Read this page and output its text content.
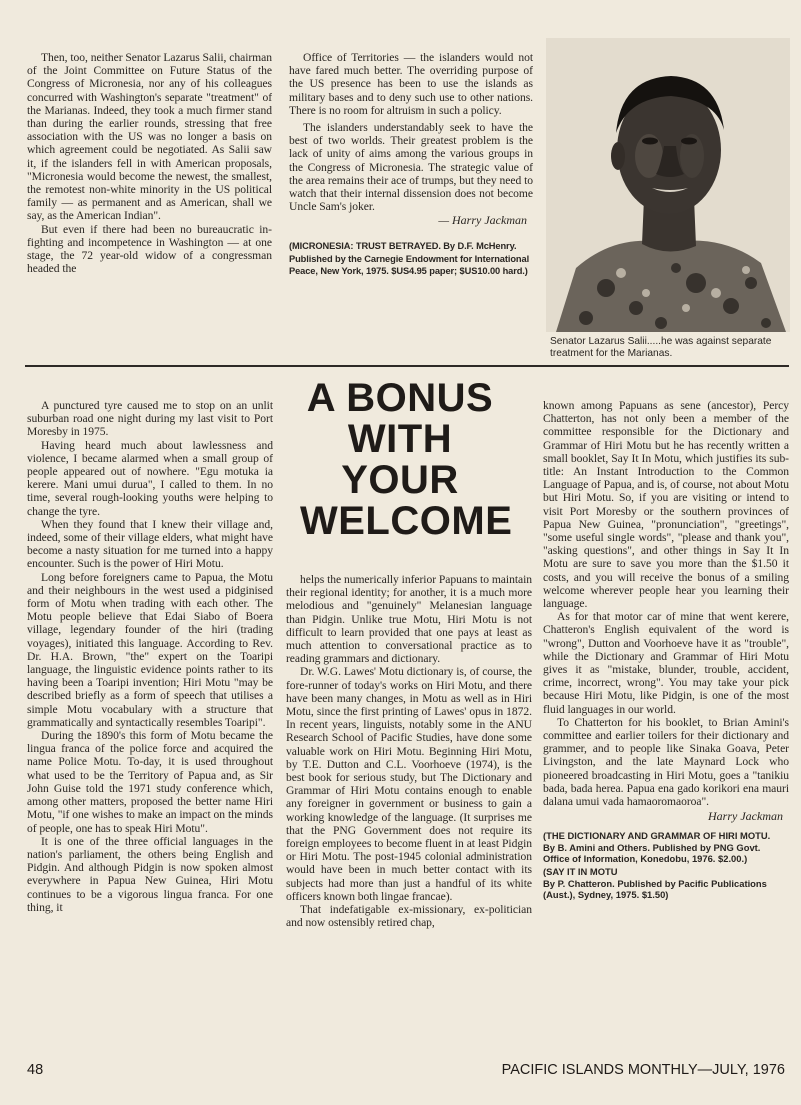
Then, too, neither Senator Lazarus Salii, chairman of the Joint Committee on Future Status of the Congress of Micronesia, nor any of his colleagues concurred with Washington's separate "treatment" of the Marianas. Indeed, they took a much firmer stand than during the earlier rounds, stressing that free association with the US was no longer a basis on which agreement could be negotiated. As Salii saw it, if the islanders fell in with American proposals, "Micronesia would become the newest, the smallest, the remotest non-white minority in the US political family — as permanent and as American, shall we say, as the American Indian".

But even if there had been no bureaucratic in-fighting and incompetence in Washington — at one stage, the 72 year-old widow of a congressman headed the

Office of Territories — the islanders would not have fared much better. The overriding purpose of the US presence has been to use the islands as military bases and to deny such use to other nations. There is no room for altruism in such a policy.

The islanders understandably seek to have the best of two worlds. Their greatest problem is the lack of unity of aims among the various groups in the Congress of Micronesia. The strategic value of the area remains their ace of trumps, but they need to watch that their internal dissension does not become Uncle Sam's joker.

— Harry Jackman

(MICRONESIA: TRUST BETRAYED. By D.F. McHenry. Published by the Carnegie Endowment for International Peace, New York, 1975. $US4.95 paper; $US10.00 hard.)

Senator Lazarus Salii.....he was against separate treatment for the Marianas.

A punctured tyre caused me to stop on an unlit suburban road one night during my last visit to Port Moresby in 1975.

Having heard much about lawlessness and violence, I became alarmed when a small group of people appeared out of nowhere. "Egu motuka ia kerere. Mani umui durua", I called to them. In no time, several rough-looking youths were helping to change the tyre.

When they found that I knew their village and, indeed, some of their village elders, what might have become a nasty situation for me turned into a happy encounter. Such is the power of Hiri Motu.

Long before foreigners came to Papua, the Motu and their neighbours in the west used a pidginised form of Motu when trading with each other. The Motu people believe that Edai Siabo of Boera village, legendary founder of the hiri (trading voyages), initiated this language. According to Rev. Dr. H.A. Brown, "the" expert on the Toaripi language, the linguistic evidence points rather to its having been a Toaripi invention; Hiri Motu "may be described briefly as a form of speech that utilises a simple Motu vocabulary with a structure that grammatically and syntactically resembles Toaripi".

During the 1890's this form of Motu became the lingua franca of the police force and acquired the name Police Motu. To-day, it is used throughout what used to be the Territory of Papua and, as Sir John Guise told the 1971 study conference which, among other matters, proposed the better name Hiri Motu, "if one wishes to make an impact on the minds of people, one has to speak Hiri Motu".

It is one of the three official languages in the nation's parliament, the others being English and Pidgin. And although Pidgin is now spoken almost everywhere in Papua New Guinea, Hiri Motu continues to be a vigorous lingua franca. For one thing, it

A BONUS WITH YOUR WELCOME

helps the numerically inferior Papuans to maintain their regional identity; for another, it is a much more melodious and "genuinely" Melanesian language than Pidgin. Unlike true Motu, Hiri Motu is not difficult to learn provided that one pays at least as much attention to conversational practice as to reading grammars and dictionary.

Dr. W.G. Lawes' Motu dictionary is, of course, the fore-runner of today's works on Hiri Motu, and there have been many changes, in Motu as well as in Hiri Motu, since the first printing of Lawes' opus in 1872. In recent years, linguists, notably some in the ANU Research School of Pacific Studies, have done some valuable work on Hiri Motu. Beginning Hiri Motu, by T.E. Dutton and C.L. Voorhoeve (1974), is the best book for serious study, but The Dictionary and Grammar of Hiri Motu contains enough to enable any foreigner in government or business to gain a working knowledge of the language. (It surprises me that the PNG Government does not require its foreign employees to become fluent in at least Pidgin or Hiri Motu. The post-1945 colonial administration would have been in much better contact with its subjects had more than just a handful of its white officers known both lingae francae).

That indefatigable ex-missionary, ex-politician and now ostensibly retired chap,

known among Papuans as sene (ancestor), Percy Chatterton, has not only been a member of the committee responsible for the Dictionary and Grammar of Hiri Motu but he has recently written a small booklet, Say It In Motu, which justifies its sub-title: An Instant Introduction to the Common Language of Papua, and is, of course, not about Motu but Hiri Motu. So, if you are visiting or intend to visit Port Moresby or the southern provinces of Papua New Guinea, "pronunciation", "greetings", "some useful single words", "please and thank you", "asking questions", and other things in Say It In Motu are sure to save you more than the $1.50 it costs, and you will receive the bonus of a smiling welcome wherever people hear you learning their language.

As for that motor car of mine that went kerere, Chatteron's English equivalent of the word is "wrong", Dutton and Voorhoeve have it as "trouble", while the Dictionary and Grammar of Hiri Motu gives it as "mistake, blunder, trouble, accident, crime, incorrect, wrong". You may take your pick because Hiri Motu, like Pidgin, is one of the most fluid languages in our world.

To Chatterton for his booklet, to Brian Amini's committee and earlier toilers for their dictionary and grammer, and to people like Sinaka Goava, Peter Livingston, and the late Maynard Lock who pioneered broadcasting in Hiri Motu, goes a "tanikiu bada, bada herea. Papua ena gado korikori ena mauri dalana umui vada hamaoromaoroa".

Harry Jackman

(THE DICTIONARY AND GRAMMAR OF HIRI MOTU.

By B. Amini and Others. Published by PNG Govt. Office of Information, Konedobu, 1976. $2.00.)

(SAY IT IN MOTU

By P. Chatteron. Published by Pacific Publications (Aust.), Sydney, 1975. $1.50)

48	PACIFIC ISLANDS MONTHLY—JULY, 1976
